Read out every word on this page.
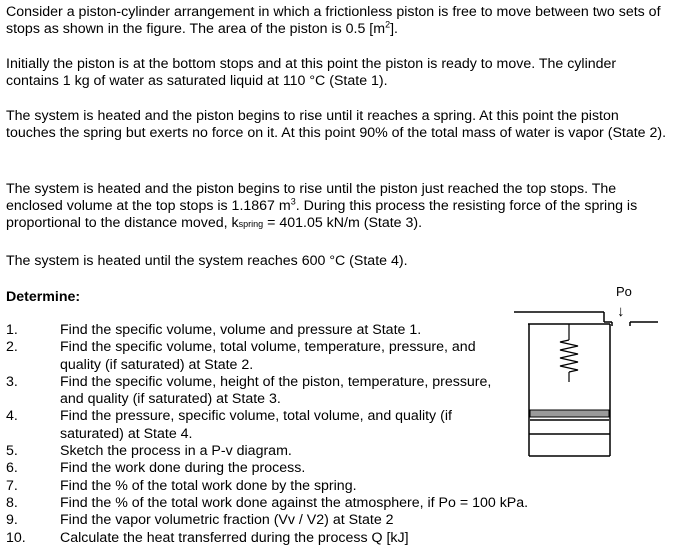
Consider a piston-cylinder arrangement in which a frictionless piston is free to move between two sets of stops as shown in the figure. The area of the piston is 0.5 $[m^2]$.

Initially the piston is at the bottom stops and at this point the piston is ready to move. The cylinder contains 1 kg of water as saturated liquid at 110 °C (State 1).

The system is heated and the piston begins to rise until it reaches a spring. At this point the piston touches the spring but exerts no force on it. At this point 90% of the total mass of water is vapor (State 2).

The system is heated and the piston begins to rise until the piston just reached the top stops. The enclosed volume at the top stops is 1.1867 $m^3$. During this process the resisting force of the spring is proportional to the distance moved, kspring = 401.05 kN/m (State 3).

The system is heated until the system reaches 600 °C (State 4).

Determine:

1.	Find the specific volume, volume and pressure at State 1.
2.	Find the specific volume, total volume, temperature, pressure, and quality (if saturated) at State 2.
3.	Find the specific volume, height of the piston, temperature, pressure, and quality (if saturated) at State 3.
4.	Find the pressure, specific volume, total volume, and quality (if saturated) at State 4.
5.	Sketch the process in a P-v diagram.
6.	Find the work done during the process.
7.	Find the % of the total work done by the spring.
8.	Find the % of the total work done against the atmosphere, if Po = 100 kPa.
9.	Find the vapor volumetric fraction (Vv / V2) at State 2
10.	Calculate the heat transferred during the process Q [kJ]
Po
↓
